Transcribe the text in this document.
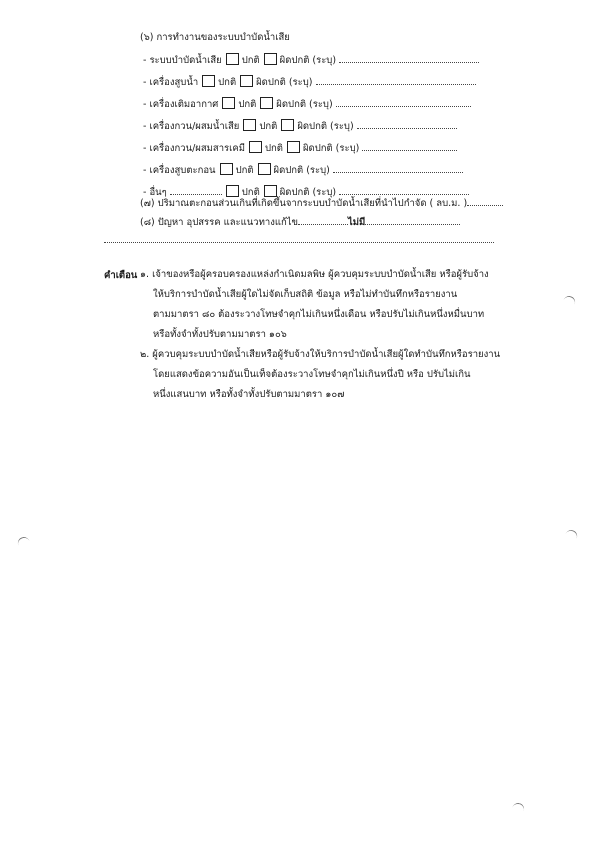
(๖) การทำงานของระบบบำบัดน้ำเสีย
- ระบบบำบัดน้ำเสีย ปกติ ผิดปกติ (ระบุ)
- เครื่องสูบน้ำ ปกติ ผิดปกติ (ระบุ)
- เครื่องเติมอากาศ ปกติ ผิดปกติ (ระบุ)
- เครื่องกวน/ผสมน้ำเสีย ปกติ ผิดปกติ (ระบุ)
- เครื่องกวน/ผสมสารเคมี ปกติ ผิดปกติ (ระบุ)
- เครื่องสูบตะกอน ปกติ ผิดปกติ (ระบุ)
- อื่นๆ	ปกติ ผิดปกติ (ระบุ)
(๗) ปริมาณตะกอนส่วนเกินที่เกิดขึ้นจากระบบบำบัดน้ำเสียที่นำไปกำจัด ( ลบ.ม. )
(๘) ปัญหา อุปสรรค และแนวทางแก้ไข	ไม่มี
คำเตือน ๑. เจ้าของหรือผู้ครอบครองแหล่งกำเนิดมลพิษ ผู้ควบคุมระบบบำบัดน้ำเสีย หรือผู้รับจ้าง
ให้บริการบำบัดน้ำเสียผู้ใดไม่จัดเก็บสถิติ ข้อมูล หรือไม่ทำบันทึกหรือรายงาน
ตามมาตรา ๘๐ ต้องระวางโทษจำคุกไม่เกินหนึ่งเดือน หรือปรับไม่เกินหนึ่งหมื่นบาท
หรือทั้งจำทั้งปรับตามมาตรา ๑๐๖
๒. ผู้ควบคุมระบบบำบัดน้ำเสียหรือผู้รับจ้างให้บริการบำบัดน้ำเสียผู้ใดทำบันทึกหรือรายงาน
โดยแสดงข้อความอันเป็นเท็จต้องระวางโทษจำคุกไม่เกินหนึ่งปี หรือ ปรับไม่เกิน
หนึ่งแสนบาท หรือทั้งจำทั้งปรับตามมาตรา ๑๐๗
